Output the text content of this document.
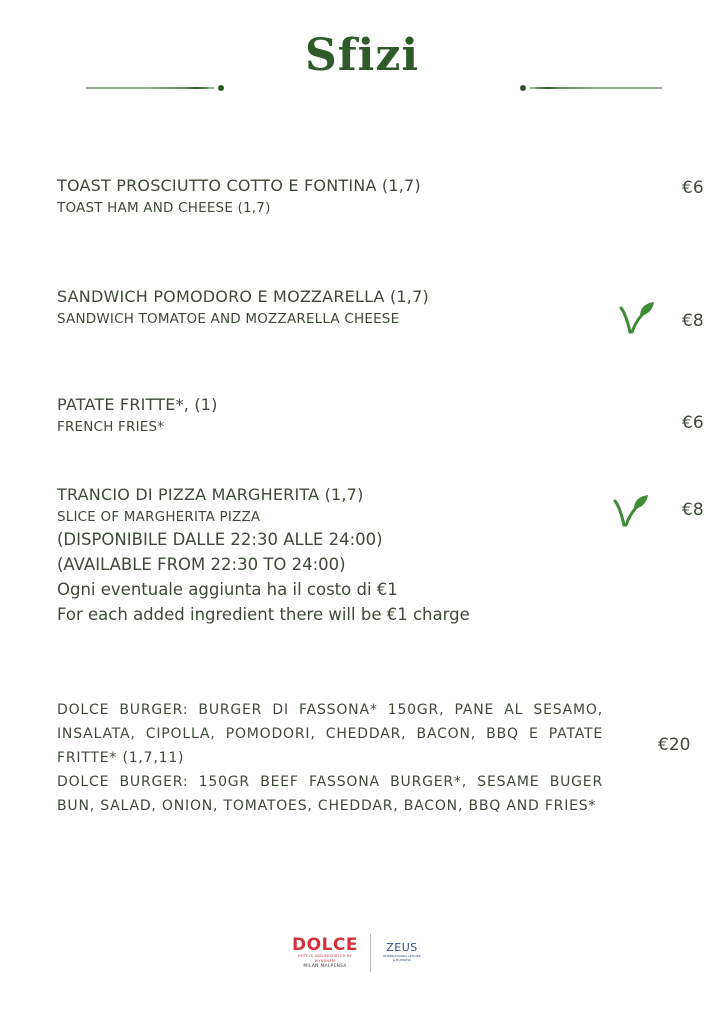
Sfizi
TOAST PROSCIUTTO COTTO E FONTINA (1,7)
TOAST HAM AND CHEESE (1,7)
€6
SANDWICH POMODORO E MOZZARELLA (1,7)
SANDWICH TOMATOE AND MOZZARELLA CHEESE	€8
PATATE FRITTE*, (1)
FRENCH FRIES*	€6
TRANCIO DI PIZZA MARGHERITA (1,7)
SLICE OF MARGHERITA PIZZA
(DISPONIBILE DALLE 22:30 ALLE 24:00)
(AVAILABLE FROM 22:30 TO 24:00)
Ogni eventuale aggiunta ha il costo di €1
For each added ingredient there will be €1 charge
€8

DOLCE BURGER: BURGER DI FASSONA* 150GR, PANE AL SESAMO, INSALATA, CIPOLLA, POMODORI, CHEDDAR, BACON, BBQ E PATATE FRITTE* (1,7,11)

DOLCE BURGER: 150GR BEEF FASSONA BURGER*, SESAME BUGER BUN, SALAD, ONION, TOMATOES, CHEDDAR, BACON, BBQ AND FRIES*

€20
DOLCE
HOTELS AND RESORTS® BY WYNDHAM
MILAN MALPENSA
ZEUS
INTERNATIONAL LEISURE & BUSINESS
